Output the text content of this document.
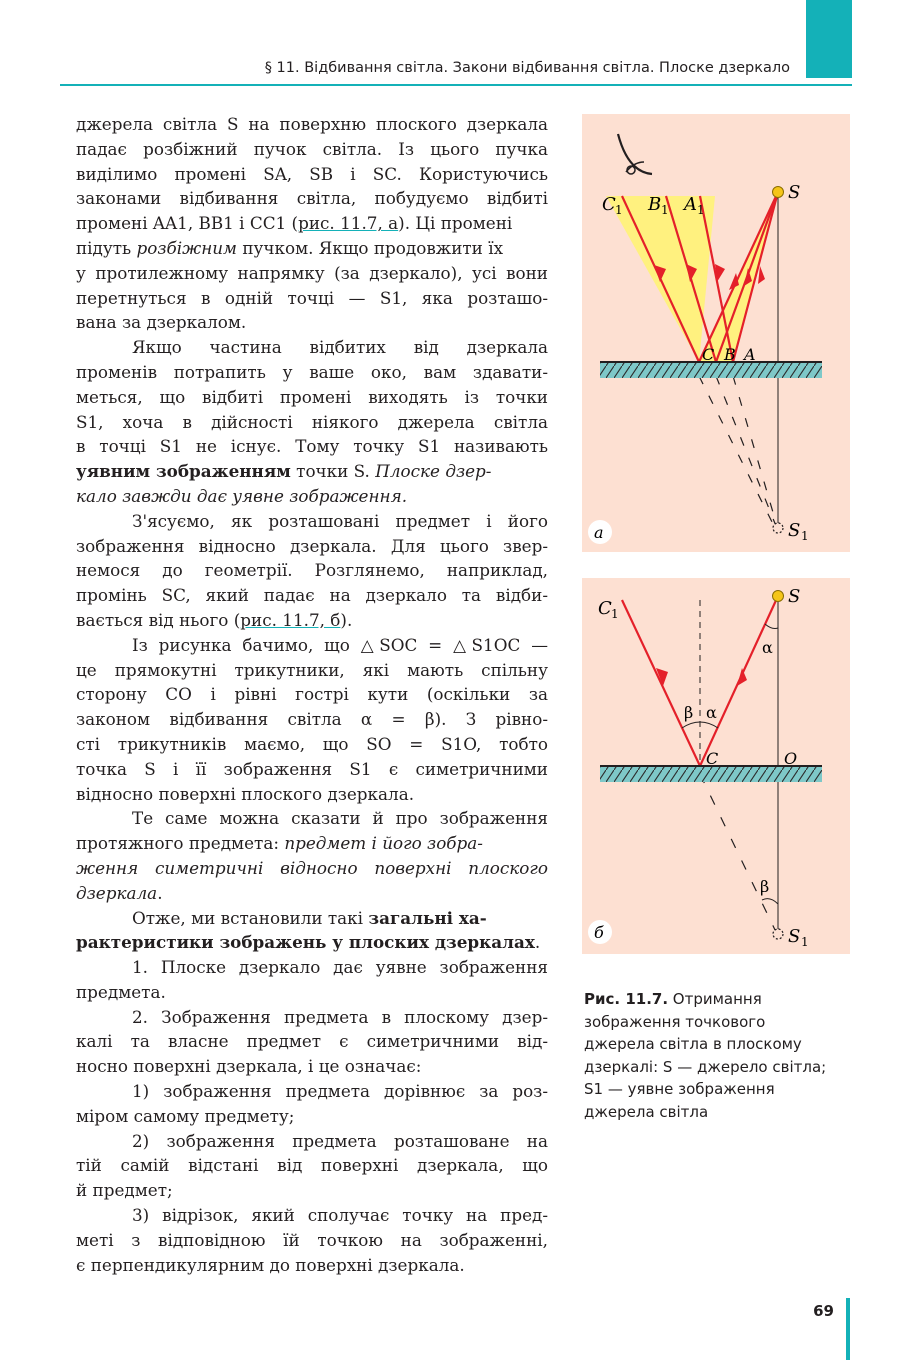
§ 11. Відбивання світла. Закони відбивання світла. Плоске дзеркало
джерела світла S на поверхню плоского дзеркала
падає розбіжний пучок світла. Із цього пучка
виділимо промені SA, SB і SC. Користуючись
законами відбивання світла, побудуємо відбиті
промені AA1, BB1 і CC1 (рис. 11.7, а). Ці промені
підуть розбіжним пучком. Якщо продовжити їх
у протилежному напрямку (за дзеркало), усі вони
перетнуться в одній точці — S1, яка розташо-
вана за дзеркалом.
Якщо частина відбитих від дзеркала
променів потрапить у ваше око, вам здавати-
меться, що відбиті промені виходять із точки
S1, хоча в дійсності ніякого джерела світла
в точці S1 не існує. Тому точку S1 називають
уявним зображенням точки S. Плоске дзер-
кало завжди дає уявне зображення.
З'ясуємо, як розташовані предмет і його
зображення відносно дзеркала. Для цього звер-
немося до геометрії. Розглянемо, наприклад,
промінь SC, який падає на дзеркало та відби-
вається від нього (рис. 11.7, б).
Із рисунка бачимо, що △SOC = △S1OC —
це прямокутні трикутники, які мають спільну
сторону CO і рівні гострі кути (оскільки за
законом відбивання світла α = β). З рівно-
сті трикутників маємо, що SO = S1O, тобто
точка S і її зображення S1 є симетричними
відносно поверхні плоского дзеркала.
Те саме можна сказати й про зображення
протяжного предмета: предмет і його зобра-
ження симетричні відносно поверхні плоского
дзеркала.
Отже, ми встановили такі загальні ха-
рактеристики зображень у плоских дзеркалах.
1. Плоске дзеркало дає уявне зображення
предмета.
2. Зображення предмета в плоскому дзер-
калі та власне предмет є симетричними від-
носно поверхні дзеркала, і це означає:
1) зображення предмета дорівнює за роз-
міром самому предмету;
2) зображення предмета розташоване на
тій самій відстані від поверхні дзеркала, що
й предмет;
3) відрізок, який сполучає точку на пред-
меті з відповідною їй точкою на зображенні,
є перпендикулярним до поверхні дзеркала.
S
S 1
C 1 B 1 A 1
C B A
а
S
S 1
C 1
C	O
α
α
β
β
б
Рис. 11.7. Отримання
зображення точкового
джерела світла в плоскому
дзеркалі: S — джерело світла;
S1 — уявне зображення
джерела світла
69
